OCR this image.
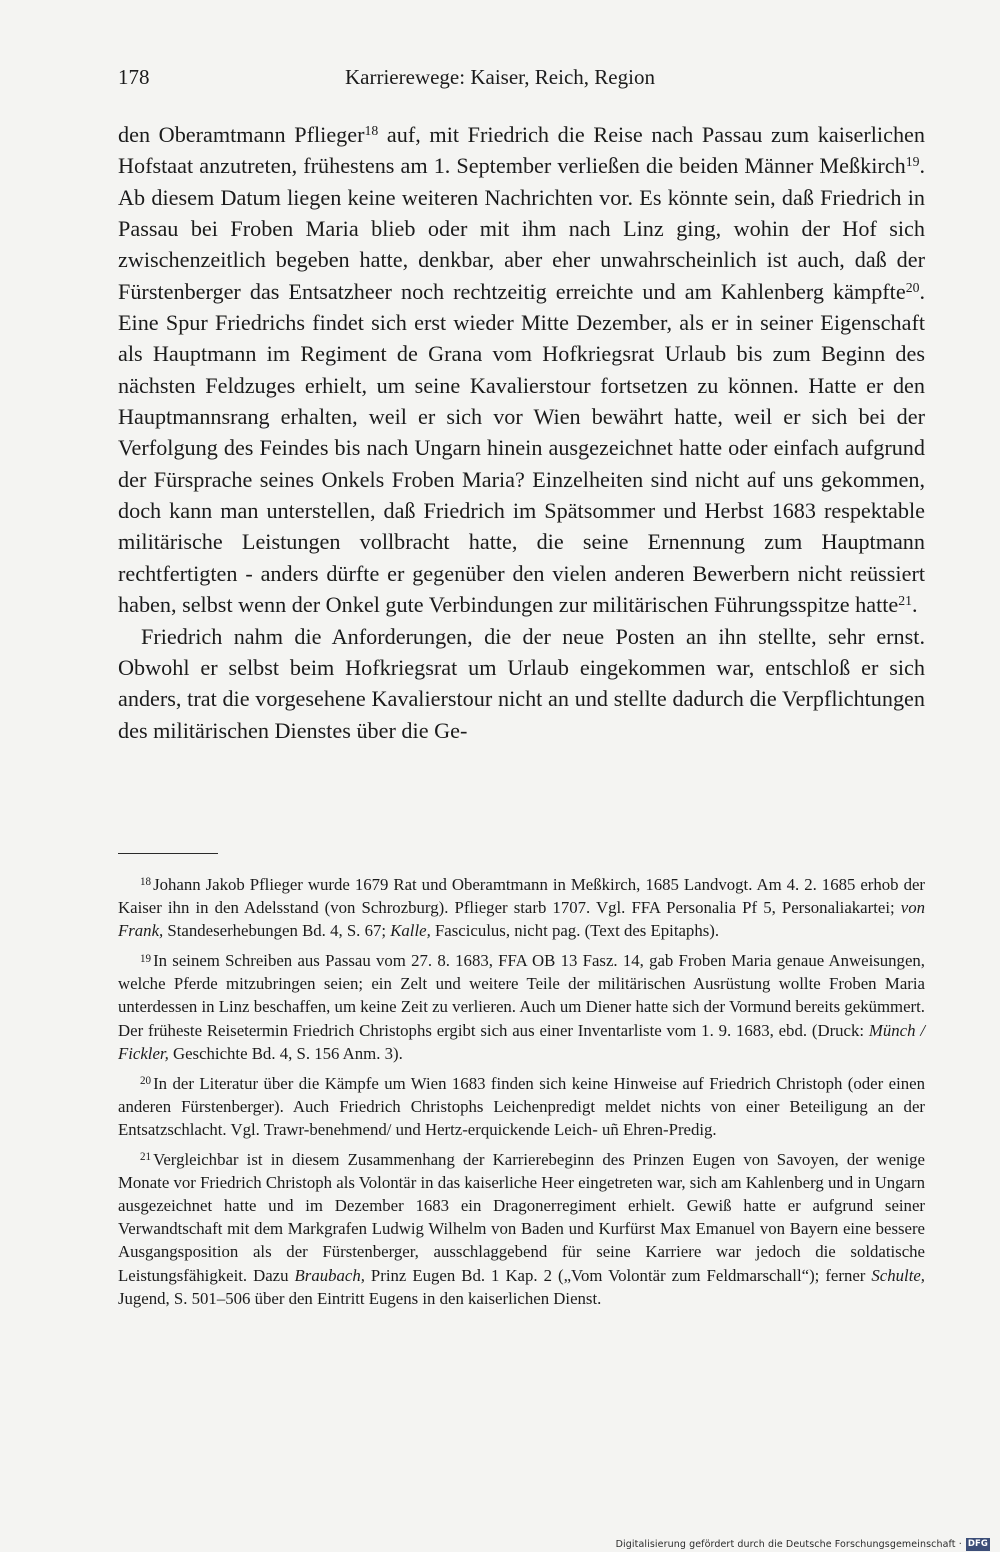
178	Karrierewege: Kaiser, Reich, Region

den Oberamtmann Pflieger$^{18}$ auf, mit Friedrich die Reise nach Passau zum kaiserlichen Hofstaat anzutreten, frühestens am 1. September verließen die beiden Männer Meßkirch$^{19}$. Ab diesem Datum liegen keine weiteren Nachrichten vor. Es könnte sein, daß Friedrich in Passau bei Froben Maria blieb oder mit ihm nach Linz ging, wohin der Hof sich zwischenzeitlich begeben hatte, denkbar, aber eher unwahrscheinlich ist auch, daß der Fürstenberger das Entsatzheer noch rechtzeitig erreichte und am Kahlenberg kämpfte$^{20}$. Eine Spur Friedrichs findet sich erst wieder Mitte Dezember, als er in seiner Eigenschaft als Hauptmann im Regiment de Grana vom Hofkriegsrat Urlaub bis zum Beginn des nächsten Feldzuges erhielt, um seine Kavalierstour fortsetzen zu können. Hatte er den Hauptmannsrang erhalten, weil er sich vor Wien bewährt hatte, weil er sich bei der Verfolgung des Feindes bis nach Ungarn hinein ausgezeichnet hatte oder einfach aufgrund der Fürsprache seines Onkels Froben Maria? Einzelheiten sind nicht auf uns gekommen, doch kann man unterstellen, daß Friedrich im Spätsommer und Herbst 1683 respektable militärische Leistungen vollbracht hatte, die seine Ernennung zum Hauptmann rechtfertigten - anders dürfte er gegenüber den vielen anderen Bewerbern nicht reüssiert haben, selbst wenn der Onkel gute Verbindungen zur militärischen Führungsspitze hatte$^{21}$.

Friedrich nahm die Anforderungen, die der neue Posten an ihn stellte, sehr ernst. Obwohl er selbst beim Hofkriegsrat um Urlaub eingekommen war, entschloß er sich anders, trat die vorgesehene Kavalierstour nicht an und stellte dadurch die Verpflichtungen des militärischen Dienstes über die Ge-

$^{18}$ Johann Jakob Pflieger wurde 1679 Rat und Oberamtmann in Meßkirch, 1685 Landvogt. Am 4. 2. 1685 erhob der Kaiser ihn in den Adelsstand (von Schrozburg). Pflieger starb 1707. Vgl. FFA Personalia Pf 5, Personaliakartei; von Frank, Standeserhebungen Bd. 4, S. 67; Kalle, Fasciculus, nicht pag. (Text des Epitaphs).

$^{19}$ In seinem Schreiben aus Passau vom 27. 8. 1683, FFA OB 13 Fasz. 14, gab Froben Maria genaue Anweisungen, welche Pferde mitzubringen seien; ein Zelt und weitere Teile der militärischen Ausrüstung wollte Froben Maria unterdessen in Linz beschaffen, um keine Zeit zu verlieren. Auch um Diener hatte sich der Vormund bereits gekümmert. Der früheste Reisetermin Friedrich Christophs ergibt sich aus einer Inventarliste vom 1. 9. 1683, ebd. (Druck: Münch / Fickler, Geschichte Bd. 4, S. 156 Anm. 3).

$^{20}$ In der Literatur über die Kämpfe um Wien 1683 finden sich keine Hinweise auf Friedrich Christoph (oder einen anderen Fürstenberger). Auch Friedrich Christophs Leichenpredigt meldet nichts von einer Beteiligung an der Entsatzschlacht. Vgl. Trawr-benehmend/ und Hertz-erquickende Leich- uñ Ehren-Predig.

$^{21}$ Vergleichbar ist in diesem Zusammenhang der Karrierebeginn des Prinzen Eugen von Savoyen, der wenige Monate vor Friedrich Christoph als Volontär in das kaiserliche Heer eingetreten war, sich am Kahlenberg und in Ungarn ausgezeichnet hatte und im Dezember 1683 ein Dragonerregiment erhielt. Gewiß hatte er aufgrund seiner Verwandtschaft mit dem Markgrafen Ludwig Wilhelm von Baden und Kurfürst Max Emanuel von Bayern eine bessere Ausgangsposition als der Fürstenberger, ausschlaggebend für seine Karriere war jedoch die soldatische Leistungsfähigkeit. Dazu Braubach, Prinz Eugen Bd. 1 Kap. 2 („Vom Volontär zum Feldmarschall“); ferner Schulte, Jugend, S. 501–506 über den Eintritt Eugens in den kaiserlichen Dienst.

Digitalisierung gefördert durch die Deutsche Forschungsgemeinschaft · DFG
